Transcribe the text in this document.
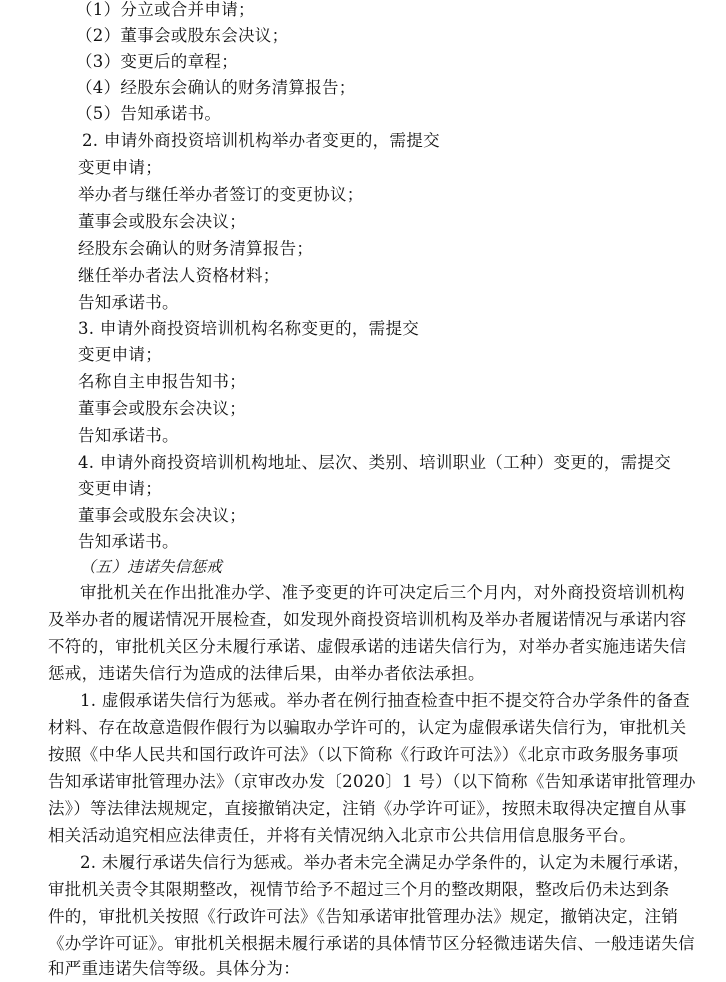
（1）分立或合并申请；
（2）董事会或股东会决议；
（3）变更后的章程；
（4）经股东会确认的财务清算报告；
（5）告知承诺书。
2. 申请外商投资培训机构举办者变更的，需提交
变更申请；
举办者与继任举办者签订的变更协议；
董事会或股东会决议；
经股东会确认的财务清算报告；
继任举办者法人资格材料；
告知承诺书。
3. 申请外商投资培训机构名称变更的，需提交
变更申请；
名称自主申报告知书；
董事会或股东会决议；
告知承诺书。
4. 申请外商投资培训机构地址、层次、类别、培训职业（工种）变更的，需提交
变更申请；
董事会或股东会决议；
告知承诺书。
（五）违诺失信惩戒
审批机关在作出批准办学、准予变更的许可决定后三个月内，对外商投资培训机构
及举办者的履诺情况开展检查，如发现外商投资培训机构及举办者履诺情况与承诺内容
不符的，审批机关区分未履行承诺、虚假承诺的违诺失信行为，对举办者实施违诺失信
惩戒，违诺失信行为造成的法律后果，由举办者依法承担。
1. 虚假承诺失信行为惩戒。举办者在例行抽查检查中拒不提交符合办学条件的备查
材料、存在故意造假作假行为以骗取办学许可的，认定为虚假承诺失信行为，审批机关
按照《中华人民共和国行政许可法》（以下简称《行政许可法》）《北京市政务服务事项
告知承诺审批管理办法》（京审改办发〔2020〕1 号）（以下简称《告知承诺审批管理办
法》）等法律法规规定，直接撤销决定，注销《办学许可证》，按照未取得决定擅自从事
相关活动追究相应法律责任，并将有关情况纳入北京市公共信用信息服务平台。
2. 未履行承诺失信行为惩戒。举办者未完全满足办学条件的，认定为未履行承诺，
审批机关责令其限期整改，视情节给予不超过三个月的整改期限，整改后仍未达到条
件的，审批机关按照《行政许可法》《告知承诺审批管理办法》规定，撤销决定，注销
《办学许可证》。审批机关根据未履行承诺的具体情节区分轻微违诺失信、一般违诺失信
和严重违诺失信等级。具体分为：
